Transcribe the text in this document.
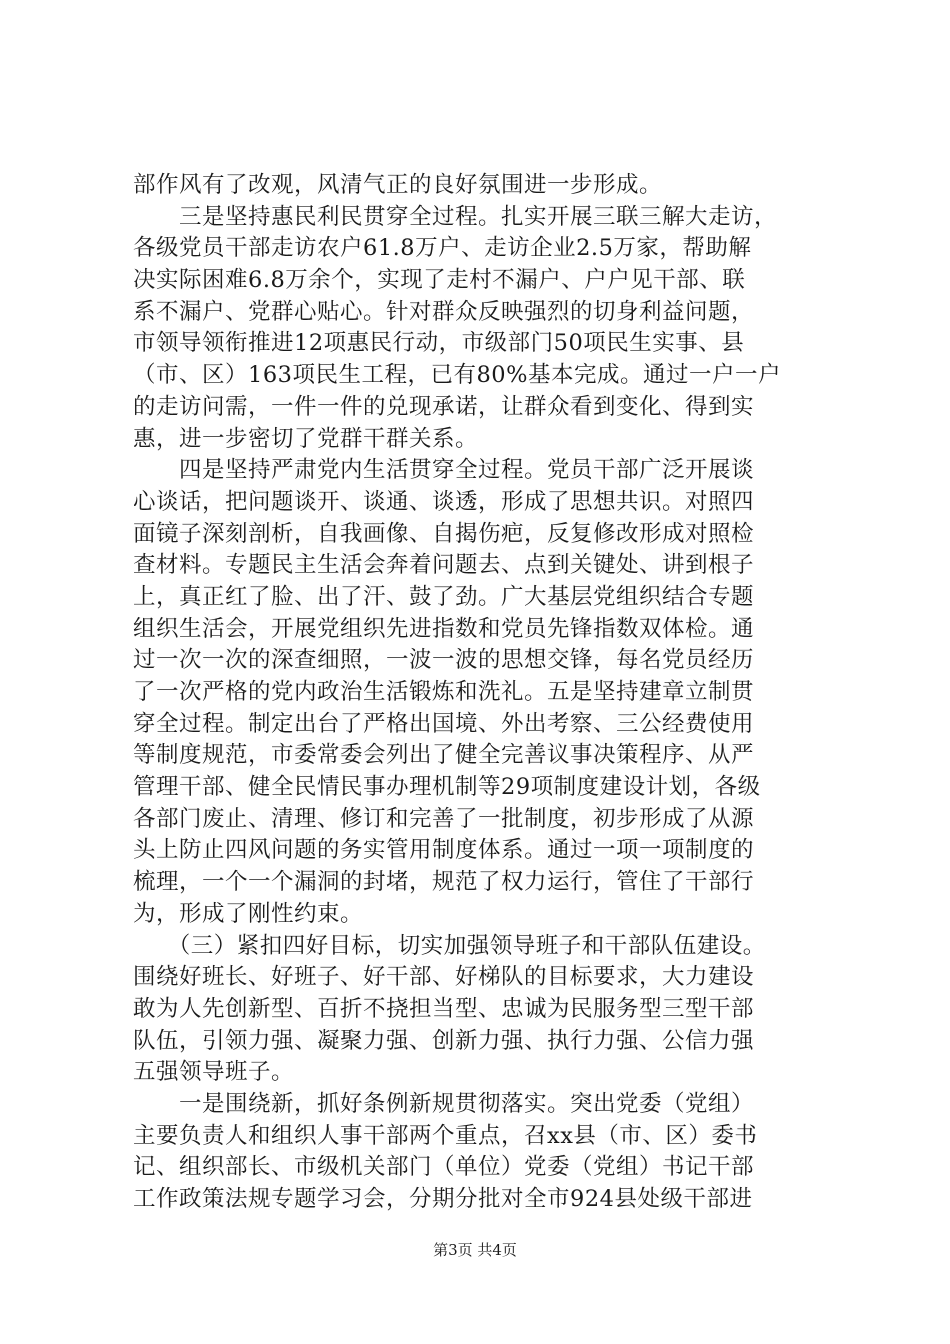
部作风有了改观，风清气正的良好氛围进一步形成。
　　三是坚持惠民利民贯穿全过程。扎实开展三联三解大走访，
各级党员干部走访农户61.8万户、走访企业2.5万家，帮助解
决实际困难6.8万余个，实现了走村不漏户、户户见干部、联
系不漏户、党群心贴心。针对群众反映强烈的切身利益问题，
市领导领衔推进12项惠民行动，市级部门50项民生实事、县
（市、区）163项民生工程，已有80%基本完成。通过一户一户
的走访问需，一件一件的兑现承诺，让群众看到变化、得到实
惠，进一步密切了党群干群关系。
　　四是坚持严肃党内生活贯穿全过程。党员干部广泛开展谈
心谈话，把问题谈开、谈通、谈透，形成了思想共识。对照四
面镜子深刻剖析，自我画像、自揭伤疤，反复修改形成对照检
查材料。专题民主生活会奔着问题去、点到关键处、讲到根子
上，真正红了脸、出了汗、鼓了劲。广大基层党组织结合专题
组织生活会，开展党组织先进指数和党员先锋指数双体检。通
过一次一次的深查细照，一波一波的思想交锋，每名党员经历
了一次严格的党内政治生活锻炼和洗礼。五是坚持建章立制贯
穿全过程。制定出台了严格出国境、外出考察、三公经费使用
等制度规范，市委常委会列出了健全完善议事决策程序、从严
管理干部、健全民情民事办理机制等29项制度建设计划，各级
各部门废止、清理、修订和完善了一批制度，初步形成了从源
头上防止四风问题的务实管用制度体系。通过一项一项制度的
梳理，一个一个漏洞的封堵，规范了权力运行，管住了干部行
为，形成了刚性约束。
　　（三）紧扣四好目标，切实加强领导班子和干部队伍建设。
围绕好班长、好班子、好干部、好梯队的目标要求，大力建设
敢为人先创新型、百折不挠担当型、忠诚为民服务型三型干部
队伍，引领力强、凝聚力强、创新力强、执行力强、公信力强
五强领导班子。
　　一是围绕新，抓好条例新规贯彻落实。突出党委（党组）
主要负责人和组织人事干部两个重点，召xx县（市、区）委书
记、组织部长、市级机关部门（单位）党委（党组）书记干部
工作政策法规专题学习会，分期分批对全市924县处级干部进
第3页 共4页
